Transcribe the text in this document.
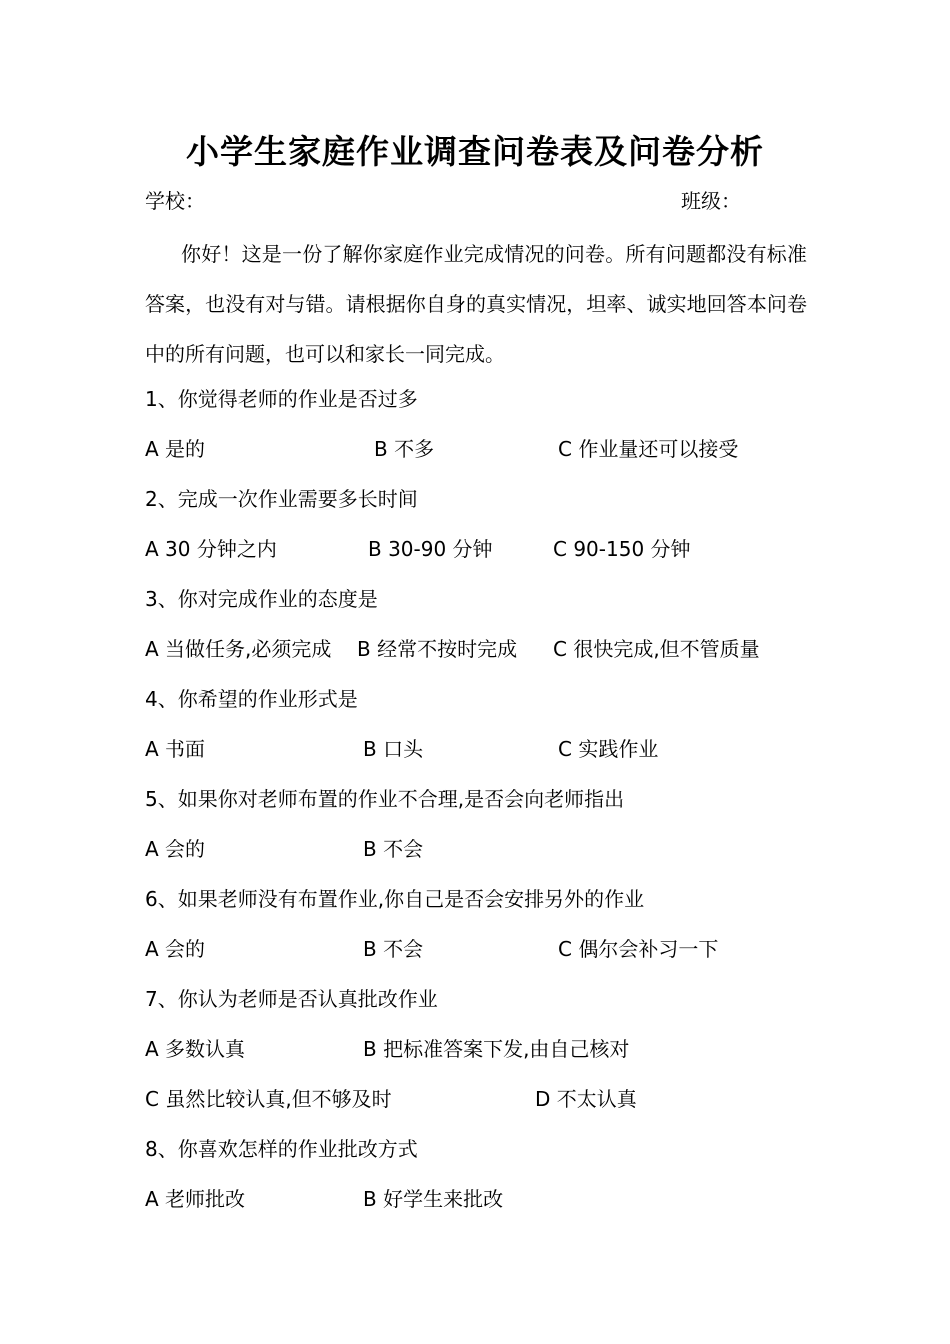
小学生家庭作业调查问卷表及问卷分析
学校：	班级：
你好！这是一份了解你家庭作业完成情况的问卷。所有问题都没有标准答案，也没有对与错。请根据你自身的真实情况，坦率、诚实地回答本问卷中的所有问题，也可以和家长一同完成。
1、你觉得老师的作业是否过多
A 是的	B 不多	C 作业量还可以接受
2、完成一次作业需要多长时间
A 30 分钟之内	B 30-90 分钟	C 90-150 分钟
3、你对完成作业的态度是
A 当做任务,必须完成 B 经常不按时完成 C 很快完成,但不管质量
4、你希望的作业形式是
A 书面	B 口头	C 实践作业
5、如果你对老师布置的作业不合理,是否会向老师指出
A 会的	B 不会
6、如果老师没有布置作业,你自己是否会安排另外的作业
A 会的	B 不会	C 偶尔会补习一下
7、你认为老师是否认真批改作业
A 多数认真	B 把标准答案下发,由自己核对
C 虽然比较认真,但不够及时	D 不太认真
8、你喜欢怎样的作业批改方式
A 老师批改	B 好学生来批改
